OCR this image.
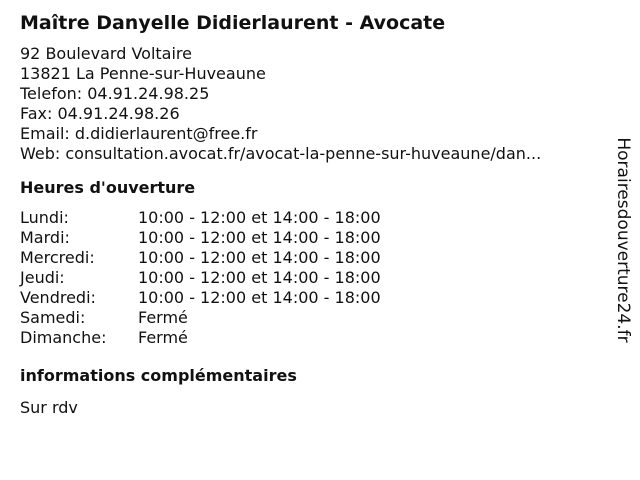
Maître Danyelle Didierlaurent - Avocate
92 Boulevard Voltaire
13821 La Penne-sur-Huveaune
Telefon: 04.91.24.98.25
Fax: 04.91.24.98.26
Email: d.didierlaurent@free.fr
Web: consultation.avocat.fr/avocat-la-penne-sur-huveaune/dan...
Heures d'ouverture
Lundi:	10:00 - 12:00 et 14:00 - 18:00
Mardi:	10:00 - 12:00 et 14:00 - 18:00
Mercredi:	10:00 - 12:00 et 14:00 - 18:00
Jeudi:	10:00 - 12:00 et 14:00 - 18:00
Vendredi:	10:00 - 12:00 et 14:00 - 18:00
Samedi:	Fermé
Dimanche:	Fermé
informations complémentaires
Sur rdv
Horairesdouverture24.fr
